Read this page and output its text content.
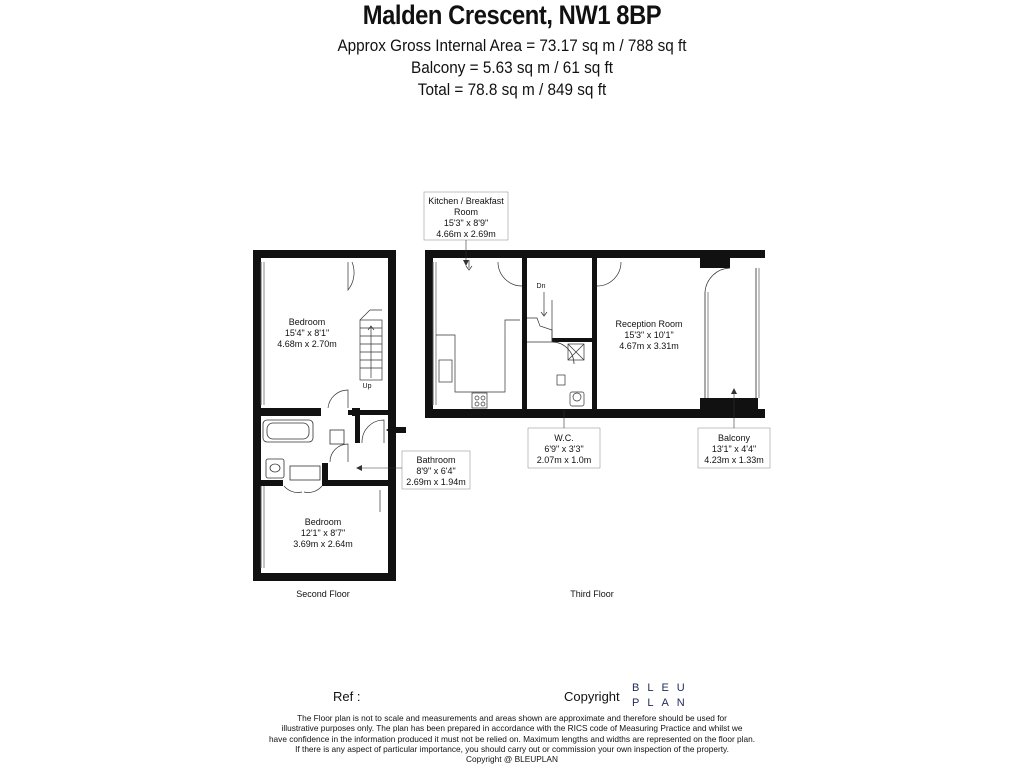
Malden Crescent, NW1 8BP
Approx Gross Internal Area = 73.17 sq m / 788 sq ft
Balcony = 5.63 sq m / 61 sq ft
Total = 78.8 sq m / 849 sq ft
Bedroom
15'4" x 8'1"
4.68m x 2.70m
Bedroom
12'1" x 8'7"
3.69m x 2.64m
Up
Bathroom
8'9" x 6'4"
2.69m x 1.94m
Second Floor
Dn
Reception Room
15'3" x 10'1"
4.67m x 3.31m
Kitchen / Breakfast
Room
15'3" x 8'9"
4.66m x 2.69m
W.C.
6'9" x 3'3"
2.07m x 1.0m
Balcony
13'1" x 4'4"
4.23m x 1.33m
Third Floor
Ref :	Copyright
BLEU
PLAN
The Floor plan is not to scale and measurements and areas shown are approximate and therefore should be used for
illustrative purposes only. The plan has been prepared in accordance with the RICS code of Measuring Practice and whilst we
have confidence in the information produced it must not be relied on. Maximum lengths and widths are represented on the floor plan.
If there is any aspect of particular importance, you should carry out or commission your own inspection of the property.
Copyright @ BLEUPLAN
